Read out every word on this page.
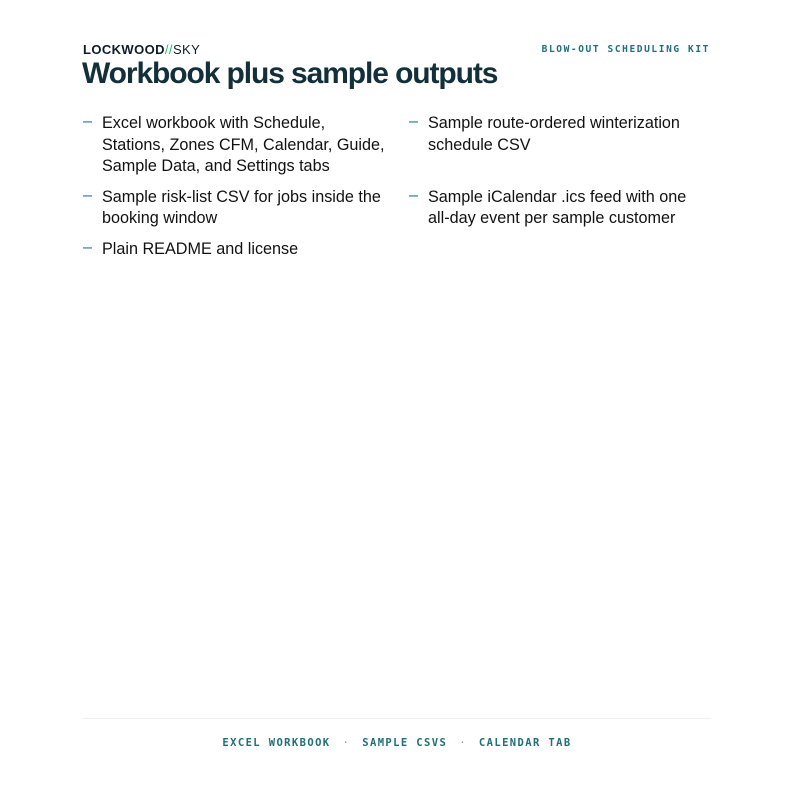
LOCKWOOD//SKY	BLOW-OUT SCHEDULING KIT
Workbook plus sample outputs
– Excel workbook with Schedule, Stations, Zones CFM, Calendar, Guide, Sample Data, and Settings tabs
– Sample route-ordered winterization schedule CSV
– Sample risk-list CSV for jobs inside the booking window
– Sample iCalendar .ics feed with one all-day event per sample customer
– Plain README and license
EXCEL WORKBOOK · SAMPLE CSVS · CALENDAR TAB
